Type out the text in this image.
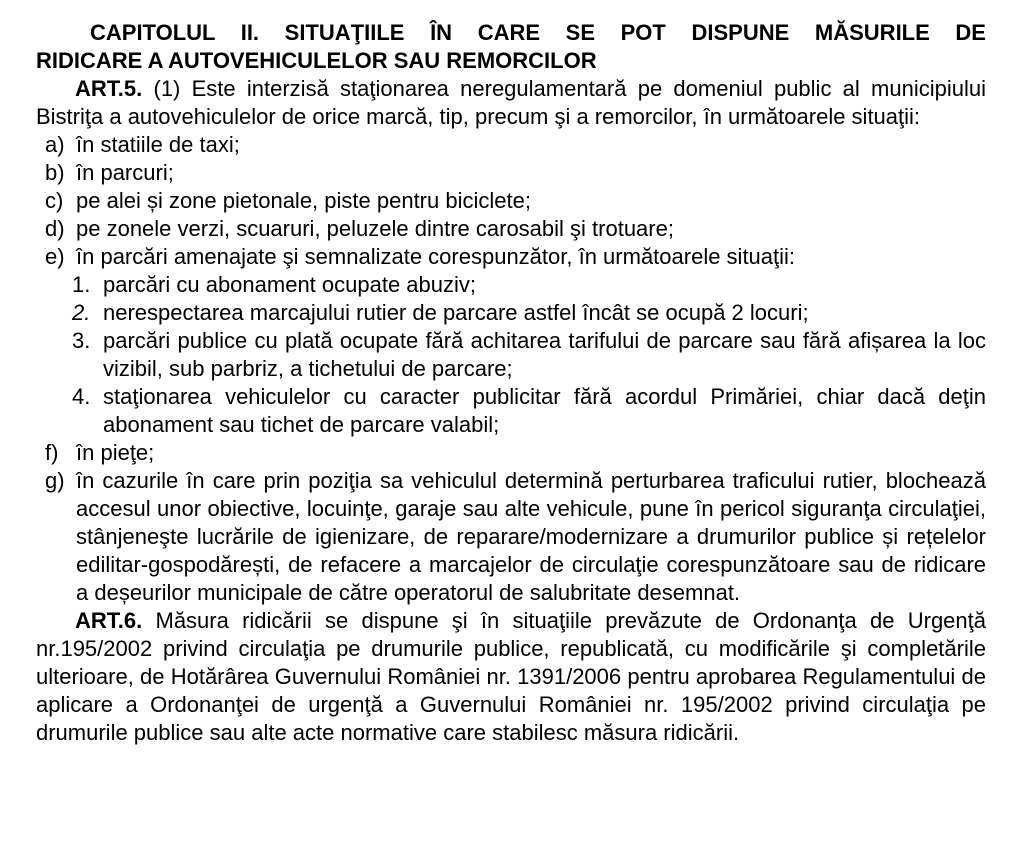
CAPITOLUL II. SITUAŢIILE ÎN CARE SE POT DISPUNE MĂSURILE DE
RIDICARE A AUTOVEHICULELOR SAU REMORCILOR

ART.5. (1) Este interzisă staţionarea neregulamentară pe domeniul public al municipiului Bistriţa a autovehiculelor de orice marcă, tip, precum şi a remorcilor, în următoarele situaţii:

a) în statiile de taxi;
b) în parcuri;
c) pe alei și zone pietonale, piste pentru biciclete;
d) pe zonele verzi, scuaruri, peluzele dintre carosabil şi trotuare;
e) în parcări amenajate şi semnalizate corespunzător, în următoarele situaţii:
1. parcări cu abonament ocupate abuziv;
2. nerespectarea marcajului rutier de parcare astfel încât se ocupă 2 locuri;
3. parcări publice cu plată ocupate fără achitarea tarifului de parcare sau fără afișarea la loc vizibil, sub parbriz, a tichetului de parcare;
4. staţionarea vehiculelor cu caracter publicitar fără acordul Primăriei, chiar dacă deţin abonament sau tichet de parcare valabil;
f) în pieţe;
g) în cazurile în care prin poziţia sa vehiculul determină perturbarea traficului rutier, blochează accesul unor obiective, locuinţe, garaje sau alte vehicule, pune în pericol siguranţa circulaţiei, stânjeneşte lucrările de igienizare, de reparare/modernizare a drumurilor publice și rețelelor edilitar-gospodărești, de refacere a marcajelor de circulaţie corespunzătoare sau de ridicare a deșeurilor municipale de către operatorul de salubritate desemnat.

ART.6. Măsura ridicării se dispune şi în situaţiile prevăzute de Ordonanţa de Urgenţă nr.195/2002 privind circulaţia pe drumurile publice, republicată, cu modificările şi completările ulterioare, de Hotărârea Guvernului României nr. 1391/2006 pentru aprobarea Regulamentului de aplicare a Ordonanţei de urgenţă a Guvernului României nr. 195/2002 privind circulaţia pe drumurile publice sau alte acte normative care stabilesc măsura ridicării.
